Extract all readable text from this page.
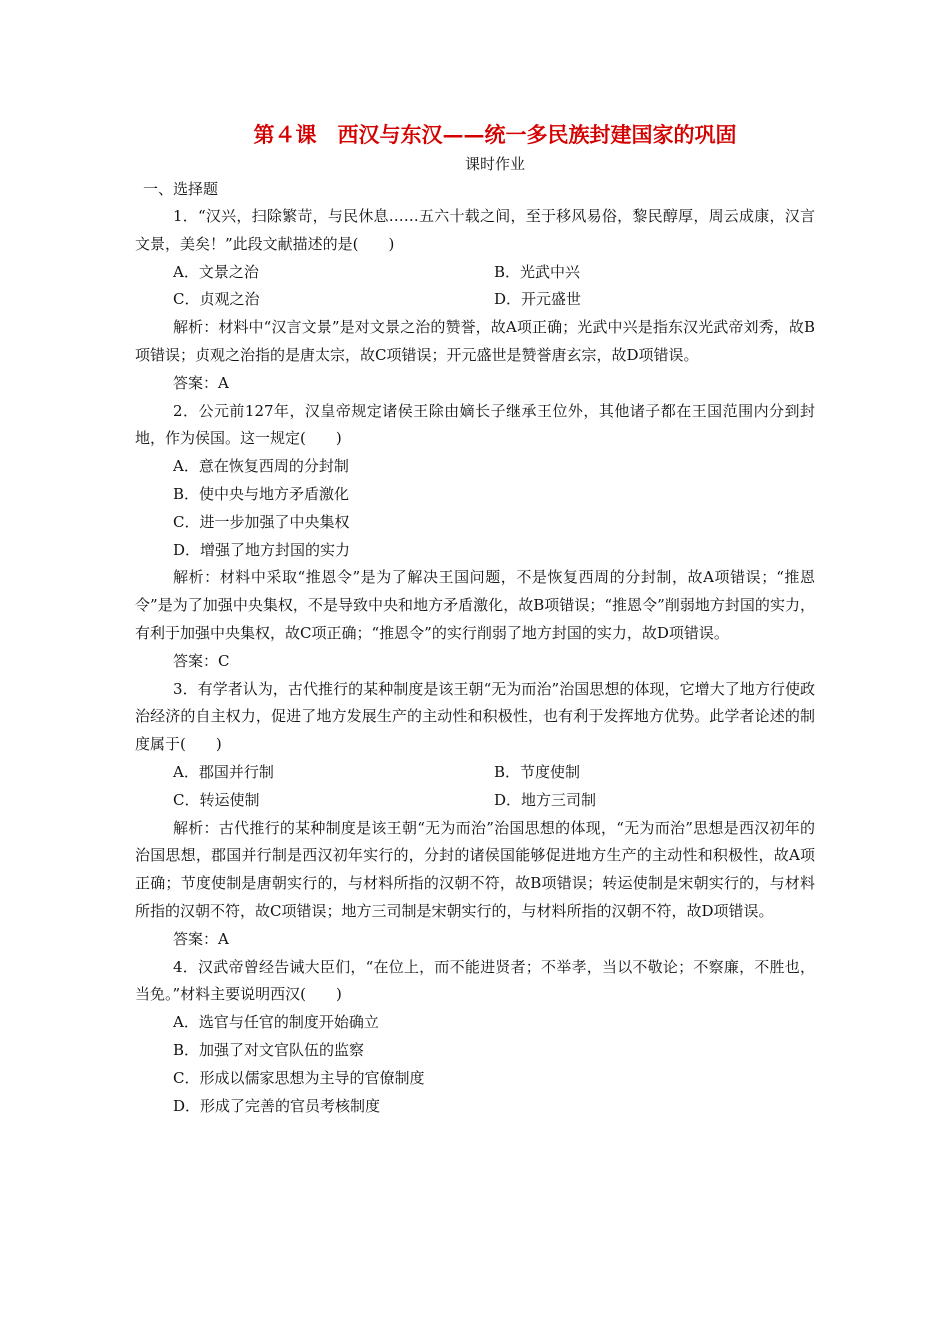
第４课　西汉与东汉——统一多民族封建国家的巩固
课时作业
一、选择题

1．“汉兴，扫除繁苛，与民休息……五六十载之间，至于移风易俗，黎民醇厚，周云成康，汉言文景，美矣！”此段文献描述的是(　　)

A．文景之治	B．光武中兴
C．贞观之治	D．开元盛世

解析：材料中“汉言文景”是对文景之治的赞誉，故A项正确；光武中兴是指东汉光武帝刘秀，故B项错误；贞观之治指的是唐太宗，故C项错误；开元盛世是赞誉唐玄宗，故D项错误。

答案：A

2．公元前127年，汉皇帝规定诸侯王除由嫡长子继承王位外，其他诸子都在王国范围内分到封地，作为侯国。这一规定(　　)

A．意在恢复西周的分封制

B．使中央与地方矛盾激化

C．进一步加强了中央集权

D．增强了地方封国的实力

解析：材料中采取“推恩令”是为了解决王国问题，不是恢复西周的分封制，故A项错误；“推恩令”是为了加强中央集权，不是导致中央和地方矛盾激化，故B项错误；“推恩令”削弱地方封国的实力，有利于加强中央集权，故C项正确；“推恩令”的实行削弱了地方封国的实力，故D项错误。

答案：C

3．有学者认为，古代推行的某种制度是该王朝“无为而治”治国思想的体现，它增大了地方行使政治经济的自主权力，促进了地方发展生产的主动性和积极性，也有利于发挥地方优势。此学者论述的制度属于(　　)

A．郡国并行制	B．节度使制
C．转运使制	D．地方三司制

解析：古代推行的某种制度是该王朝“无为而治”治国思想的体现，“无为而治”思想是西汉初年的治国思想，郡国并行制是西汉初年实行的，分封的诸侯国能够促进地方生产的主动性和积极性，故A项正确；节度使制是唐朝实行的，与材料所指的汉朝不符，故B项错误；转运使制是宋朝实行的，与材料所指的汉朝不符，故C项错误；地方三司制是宋朝实行的，与材料所指的汉朝不符，故D项错误。

答案：A

4．汉武帝曾经告诫大臣们，“在位上，而不能进贤者；不举孝，当以不敬论；不察廉，不胜也，当免。”材料主要说明西汉(　　)

A．选官与任官的制度开始确立

B．加强了对文官队伍的监察

C．形成以儒家思想为主导的官僚制度

D．形成了完善的官员考核制度
